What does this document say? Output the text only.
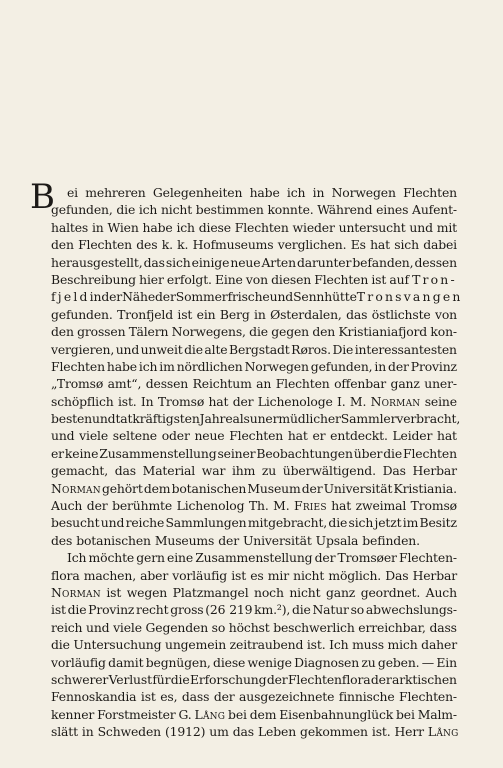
B ei mehreren Gelegenheiten habe ich in Norwegen Flechten
gefunden, die ich nicht bestimmen konnte. Während eines Aufent-
haltes in Wien habe ich diese Flechten wieder untersucht und mit
den Flechten des k. k. Hofmuseums verglichen. Es hat sich dabei
herausgestellt, das sich einige neue Arten darunter befanden, dessen
Beschreibung hier erfolgt. Eine von diesen Flechten ist auf Tron-
fjeld in der Nähe der Sommerfrische und Sennhütte Tronsvangen
gefunden. Tronfjeld ist ein Berg in Østerdalen, das östlichste von
den grossen Tälern Norwegens, die gegen den Kristianiafjord kon-
vergieren, und unweit die alte Bergstadt Røros. Die interessantesten
Flechten habe ich im nördlichen Norwegen gefunden, in der Provinz
„Tromsø amt“, dessen Reichtum an Flechten offenbar ganz uner-
schöpflich ist. In Tromsø hat der Lichenologe I. M. Norman seine
besten und tatkräftigsten Jahre als unermüdlicher Sammler verbracht,
und viele seltene oder neue Flechten hat er entdeckt. Leider hat
er keine Zusammenstellung seiner Beobachtungen über die Flechten
gemacht, das Material war ihm zu überwältigend. Das Herbar
Norman gehört dem botanischen Museum der Universität Kristiania.
Auch der berühmte Lichenolog Th. M. Fries hat zweimal Tromsø
besucht und reiche Sammlungen mitgebracht, die sich jetzt im Besitz
des botanischen Museums der Universität Upsala befinden.
Ich möchte gern eine Zusammenstellung der Tromsøer Flechten-
flora machen, aber vorläufig ist es mir nicht möglich. Das Herbar
Norman ist wegen Platzmangel noch nicht ganz geordnet. Auch
ist die Provinz recht gross (26 219 km.²), die Natur so abwechslungs-
reich und viele Gegenden so höchst beschwerlich erreichbar, dass
die Untersuchung ungemein zeitraubend ist. Ich muss mich daher
vorläufig damit begnügen, diese wenige Diagnosen zu geben. — Ein
schwerer Verlust für die Erforschung der Flechtenflora der arktischen
Fennoskandia ist es, dass der ausgezeichnete finnische Flechten-
kenner Forstmeister G. Lång bei dem Eisenbahnunglück bei Malm-
slätt in Schweden (1912) um das Leben gekommen ist. Herr Lång
